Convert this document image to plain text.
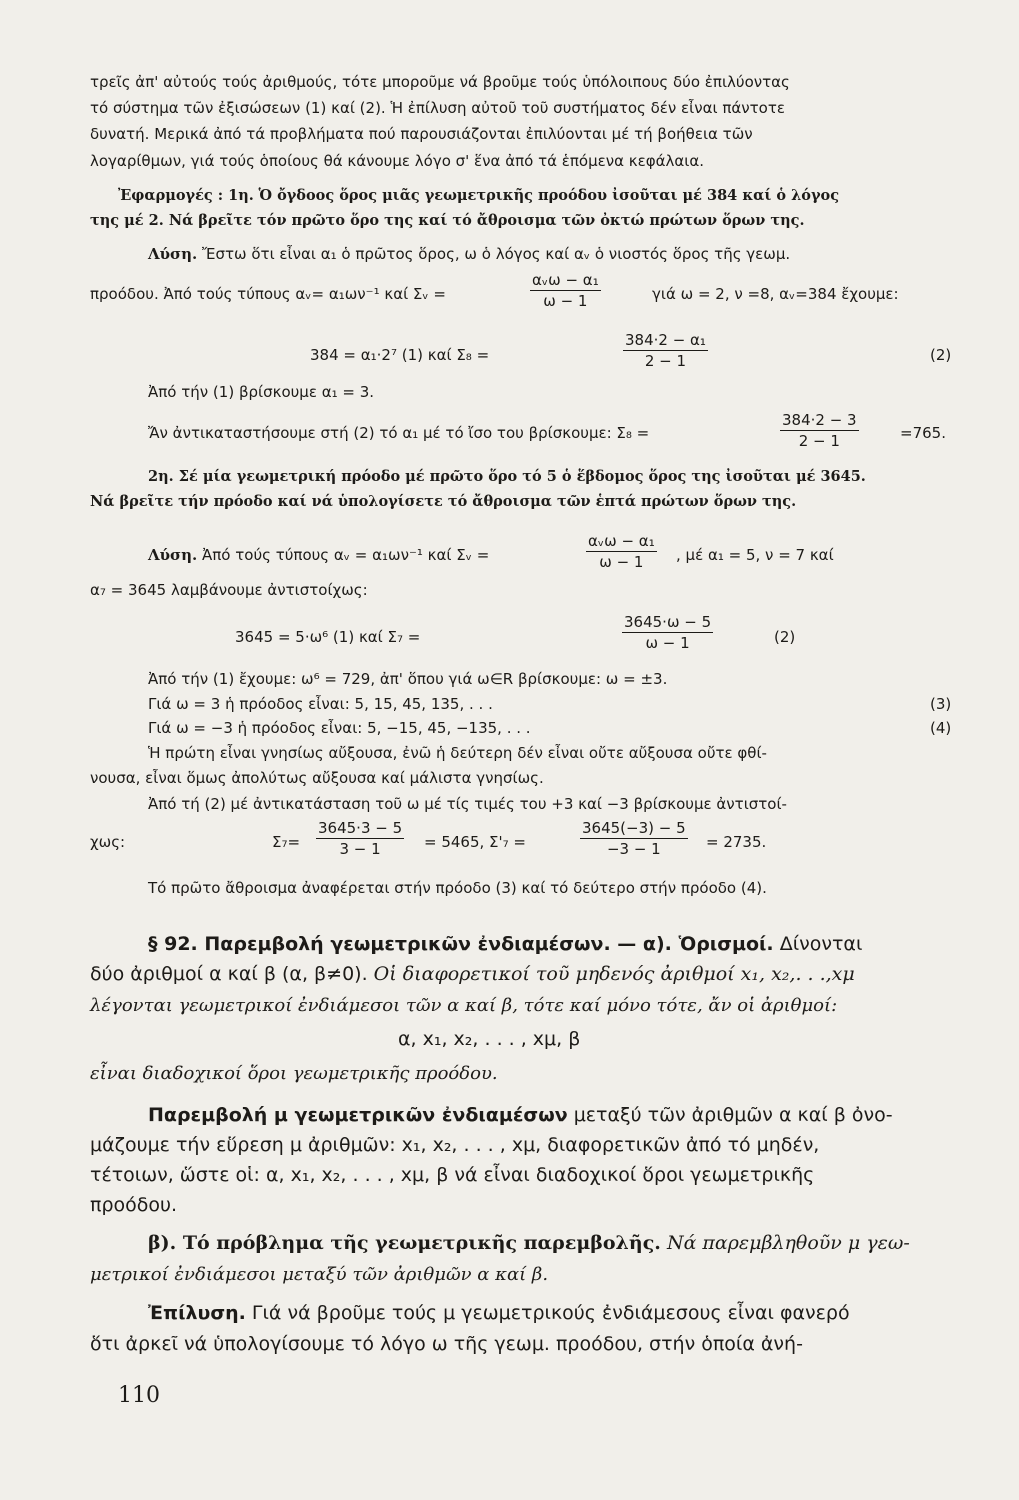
τρεῖς ἀπ' αὐτούς τούς ἀριθμούς, τότε μποροῦμε νά βροῦμε τούς ὑπόλοιπους δύο ἐπιλύοντας
τό σύστημα τῶν ἐξισώσεων (1) καί (2). Ἡ ἐπίλυση αὐτοῦ τοῦ συστήματος δέν εἶναι πάντοτε
δυνατή. Μερικά ἀπό τά προβλήματα πού παρουσιάζονται ἐπιλύονται μέ τή βοήθεια τῶν
λογαρίθμων, γιά τούς ὁποίους θά κάνουμε λόγο σ' ἕνα ἀπό τά ἑπόμενα κεφάλαια.
Ἐφαρμογές : 1η. Ὁ ὄγδοος ὅρος μιᾶς γεωμετρικῆς προόδου ἰσοῦται μέ 384 καί ὁ λόγος
της μέ 2. Νά βρεῖτε τόν πρῶτο ὅρο της καί τό ἄθροισμα τῶν ὀκτώ πρώτων ὅρων της.
Λύση. Ἔστω ὅτι εἶναι α₁ ὁ πρῶτος ὅρος, ω ὁ λόγος καί αᵥ ὁ νιοστός ὅρος τῆς γεωμ.
προόδου. Ἀπό τούς τύπους αᵥ= α₁ων⁻¹ καί Σᵥ =
αᵥω − α₁
ω − 1	γιά ω = 2, ν =8, αᵥ=384 ἔχουμε:
384 = α₁·2⁷ (1) καί Σ₈ =	$\frac{\text{384·2 − α₁}}{2 - 1}$	(2)
Ἀπό τήν (1) βρίσκουμε α₁ = 3.
Ἄν ἀντικαταστήσουμε στή (2) τό α₁ μέ τό ἴσο του βρίσκουμε: Σ₈ =	$\frac{384\cdot 2 - 3}{2 - 1}$	=765.
2η. Σέ μία γεωμετρική πρόοδο μέ πρῶτο ὅρο τό 5 ὁ ἕβδομος ὅρος της ἰσοῦται μέ 3645.
Νά βρεῖτε τήν πρόοδο καί νά ὑπολογίσετε τό ἄθροισμα τῶν ἑπτά πρώτων ὅρων της.
Λύση. Ἀπό τούς τύπους αᵥ = α₁ων⁻¹ καί Σᵥ =
αᵥω − α₁
ω − 1	, μέ α₁ = 5, ν = 7 καί
α₇ = 3645 λαμβάνουμε ἀντιστοίχως:
3645 = 5·ω⁶ (1) καί Σ₇ =	$\frac{3645\cdot\omega - 5}{\omega - 1}$	(2)
Ἀπό τήν (1) ἔχουμε: ω⁶ = 729, ἀπ' ὅπου γιά ω∈R βρίσκουμε: ω = ±3.
Γιά ω = 3 ἡ πρόοδος εἶναι: 5, 15, 45, 135, . . .	(3)
Γιά ω = −3 ἡ πρόοδος εἶναι: 5, −15, 45, −135, . . .	(4)
Ἡ πρώτη εἶναι γνησίως αὔξουσα, ἐνῶ ἡ δεύτερη δέν εἶναι οὔτε αὔξουσα οὔτε φθί-
νουσα, εἶναι ὅμως ἀπολύτως αὔξουσα καί μάλιστα γνησίως.
Ἀπό τή (2) μέ ἀντικατάσταση τοῦ ω μέ τίς τιμές του +3 καί −3 βρίσκουμε ἀντιστοί-
χως:	$\Sigma_7= \frac{3645\cdot 3 - 5}{3 - 1} = 5465$, Σ'₇ =	$\frac{3645(-3) - 5}{-3 - 1} = 2735$.
Τό πρῶτο ἄθροισμα ἀναφέρεται στήν πρόοδο (3) καί τό δεύτερο στήν πρόοδο (4).
§ 92. Παρεμβολή γεωμετρικῶν ἐνδιαμέσων. — α). Ὁρισμοί. Δίνονται
δύο ἀριθμοί α καί β (α, β≠0). Οἱ διαφορετικοί τοῦ μηδενός ἀριθμοί x₁, x₂,. . .,xμ
λέγονται γεωμετρικοί ἐνδιάμεσοι τῶν α καί β, τότε καί μόνο τότε, ἄν οἱ ἀριθμοί:
α, x₁, x₂, . . . , xμ, β
εἶναι διαδοχικοί ὅροι γεωμετρικῆς προόδου.
Παρεμβολή μ γεωμετρικῶν ἐνδιαμέσων μεταξύ τῶν ἀριθμῶν α καί β ὀνο-
μάζουμε τήν εὕρεση μ ἀριθμῶν: x₁, x₂, . . . , xμ, διαφορετικῶν ἀπό τό μηδέν,
τέτοιων, ὥστε οἱ: α, x₁, x₂, . . . , xμ, β νά εἶναι διαδοχικοί ὅροι γεωμετρικῆς
προόδου.
β). Τό πρόβλημα τῆς γεωμετρικῆς παρεμβολῆς. Νά παρεμβληθοῦν μ γεω-
μετρικοί ἐνδιάμεσοι μεταξύ τῶν ἀριθμῶν α καί β.
Ἐπίλυση. Γιά νά βροῦμε τούς μ γεωμετρικούς ἐνδιάμεσους εἶναι φανερό
ὅτι ἀρκεῖ νά ὑπολογίσουμε τό λόγο ω τῆς γεωμ. προόδου, στήν ὁποία ἀνή-
110
